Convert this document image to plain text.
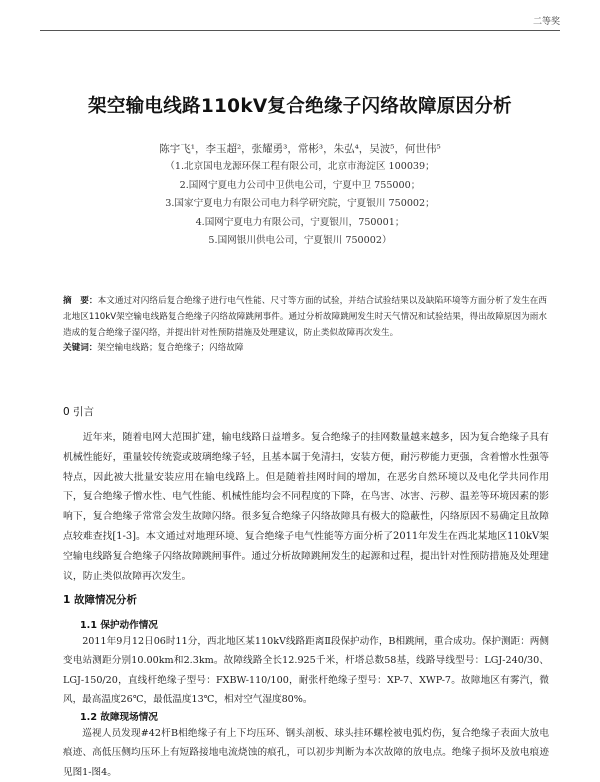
二等奖
架空输电线路110kV复合绝缘子闪络故障原因分析
陈宇飞¹，李玉超²，张耀勇³，常彬³，朱弘⁴，吴波⁵，何世伟⁵
（1.北京国电龙源环保工程有限公司，北京市海淀区 100039；
2.国网宁夏电力公司中卫供电公司，宁夏中卫 755000；
3.国家宁夏电力有限公司电力科学研究院，宁夏银川 750002；
4.国网宁夏电力有限公司，宁夏银川，750001；
5.国网银川供电公司，宁夏银川 750002）
摘　要：本文通过对闪络后复合绝缘子进行电气性能、尺寸等方面的试验，并结合试验结果以及缺陷环境等方面分析了发生在西北地区110kV架空输电线路复合绝缘子闪络故障跳闸事件。通过分析故障跳闸发生时天气情况和试验结果，得出故障原因为雨水造成的复合绝缘子湿闪络，并提出针对性预防措施及处理建议，防止类似故障再次发生。
关键词：架空输电线路；复合绝缘子；闪络故障
0 引言
近年来，随着电网大范围扩建，输电线路日益增多。复合绝缘子的挂网数量越来越多，因为复合绝缘子具有机械性能好，重量较传统瓷或玻璃绝缘子轻，且基本属于免清扫，安装方便，耐污秽能力更强，含着憎水性强等特点，因此被大批量安装应用在输电线路上。但是随着挂网时间的增加，在恶劣自然环境以及电化学共同作用下，复合绝缘子憎水性、电气性能、机械性能均会不同程度的下降，在鸟害、冰害、污秽、温差等环境因素的影响下，复合绝缘子常常会发生故障闪络。很多复合绝缘子闪络故障具有极大的隐蔽性，闪络原因不易确定且故障点较难查找[1-3]。本文通过对地理环境、复合绝缘子电气性能等方面分析了2011年发生在西北某地区110kV架空输电线路复合绝缘子闪络故障跳闸事件。通过分析故障跳闸发生的起源和过程，提出针对性预防措施及处理建议，防止类似故障再次发生。
1 故障情况分析
1.1 保护动作情况
2011年9月12日06时11分，西北地区某110kV线路距离Ⅱ段保护动作，B相跳闸，重合成功。保护测距：两侧变电站测距分别10.00km和2.3km。故障线路全长12.925千米，杆塔总数58基，线路导线型号：LGJ-240/30、LGJ-150/20，直线杆绝缘子型号：FXBW-110/100，耐张杆绝缘子型号：XP-7、XWP-7。故障地区有雾汽，微风，最高温度26℃，最低温度13℃，相对空气湿度80%。
1.2 故障现场情况
巡视人员发现#42杆B相绝缘子有上下均压环、钢头剖板、球头挂环螺栓被电弧灼伤，复合绝缘子表面大放电痕迹、高低压侧均压环上有短路接地电流烧蚀的痕孔，可以初步判断为本次故障的放电点。绝缘子损坏及放电痕迹见图1-图4。
